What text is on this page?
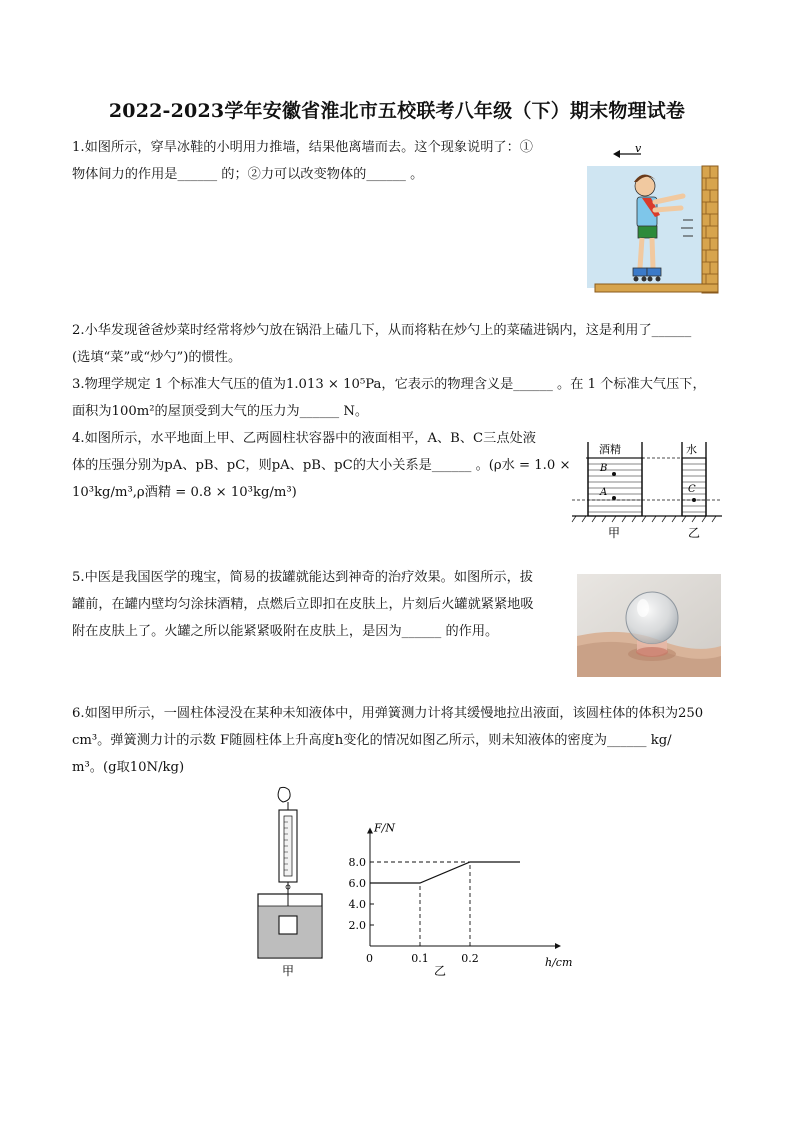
2022-2023学年安徽省淮北市五校联考八年级（下）期末物理试卷
1.如图所示，穿旱冰鞋的小明用力推墙，结果他离墙而去。这个现象说明了：①
物体间力的作用是______ 的；②力可以改变物体的______ 。
v
2.小华发现爸爸炒菜时经常将炒勺放在锅沿上磕几下，从而将粘在炒勺上的菜磕进锅内，这是利用了______
(选填“菜”或“炒勺”)的惯性。
3.物理学规定 1 个标准大气压的值为1.013 × 10⁵Pa，它表示的物理含义是______ 。在 1 个标准大气压下，
面积为100m²的屋顶受到大气的压力为______ N。
4.如图所示，水平地面上甲、乙两圆柱状容器中的液面相平，A、B、C三点处液
体的压强分别为pA、pB、pC，则pA、pB、pC的大小关系是______ 。(ρ水 = 1.0 ×
10³kg/m³,ρ酒精 = 0.8 × 10³kg/m³)
酒精
B
A
水
C
甲	乙
5.中医是我国医学的瑰宝，简易的拔罐就能达到神奇的治疗效果。如图所示，拔
罐前，在罐内壁均匀涂抹酒精，点燃后立即扣在皮肤上，片刻后火罐就紧紧地吸
附在皮肤上了。火罐之所以能紧紧吸附在皮肤上，是因为______ 的作用。
6.如图甲所示，一圆柱体浸没在某种未知液体中，用弹簧测力计将其缓慢地拉出液面，该圆柱体的体积为250
cm³。弹簧测力计的示数 F随圆柱体上升高度h变化的情况如图乙所示，则未知液体的密度为______ kg/
m³。(g取10N/kg)
甲
F/N
h/cm
0	0.1	0.2
2.0
4.0
6.0
8.0
乙
